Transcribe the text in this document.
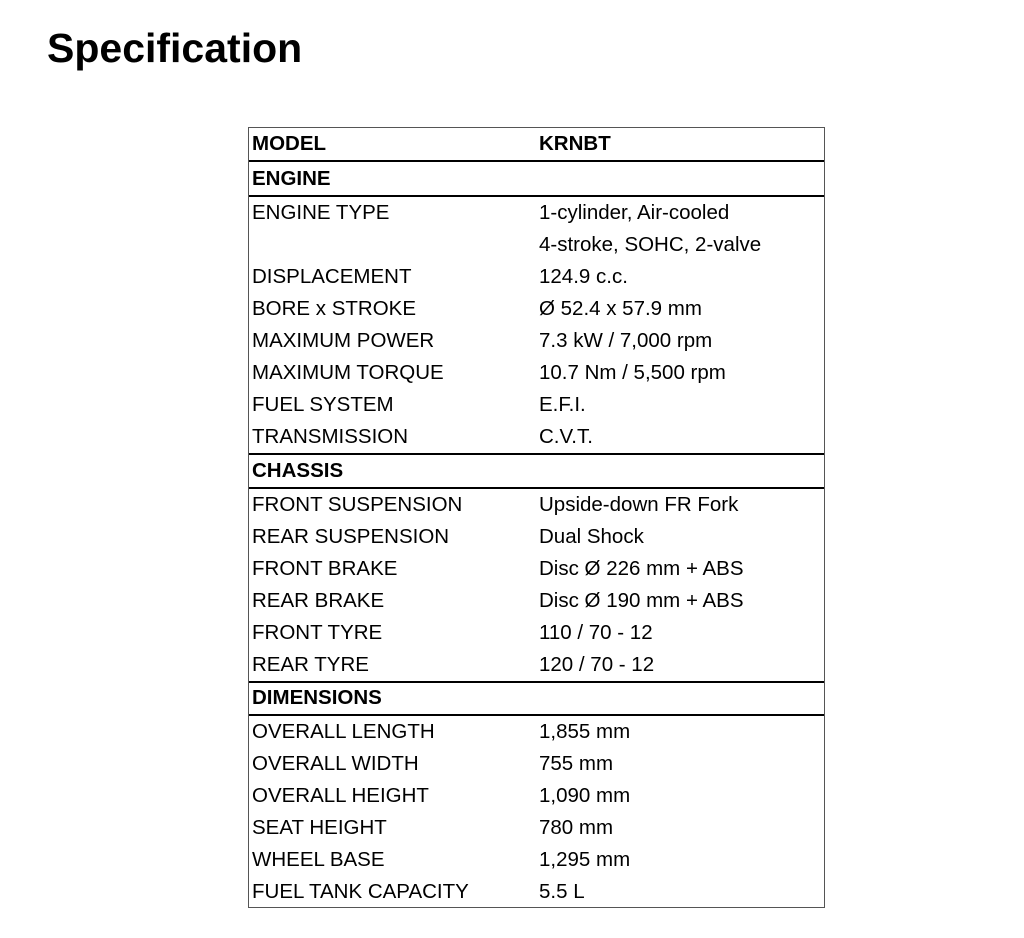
Specification
MODEL	KRNBT
ENGINE
ENGINE TYPE	1-cylinder, Air-cooled
4-stroke, SOHC, 2-valve
DISPLACEMENT	124.9 c.c.
BORE x STROKE	Ø 52.4 x 57.9 mm
MAXIMUM POWER	7.3 kW / 7,000 rpm
MAXIMUM TORQUE	10.7 Nm / 5,500 rpm
FUEL SYSTEM	E.F.I.
TRANSMISSION	C.V.T.
CHASSIS
FRONT SUSPENSION	Upside-down FR Fork
REAR SUSPENSION	Dual Shock
FRONT BRAKE	Disc Ø 226 mm + ABS
REAR BRAKE	Disc Ø 190 mm + ABS
FRONT TYRE	110 / 70 - 12
REAR TYRE	120 / 70 - 12
DIMENSIONS
OVERALL LENGTH	1,855 mm
OVERALL WIDTH	755 mm
OVERALL HEIGHT	1,090 mm
SEAT HEIGHT	780 mm
WHEEL BASE	1,295 mm
FUEL TANK CAPACITY	5.5 L
